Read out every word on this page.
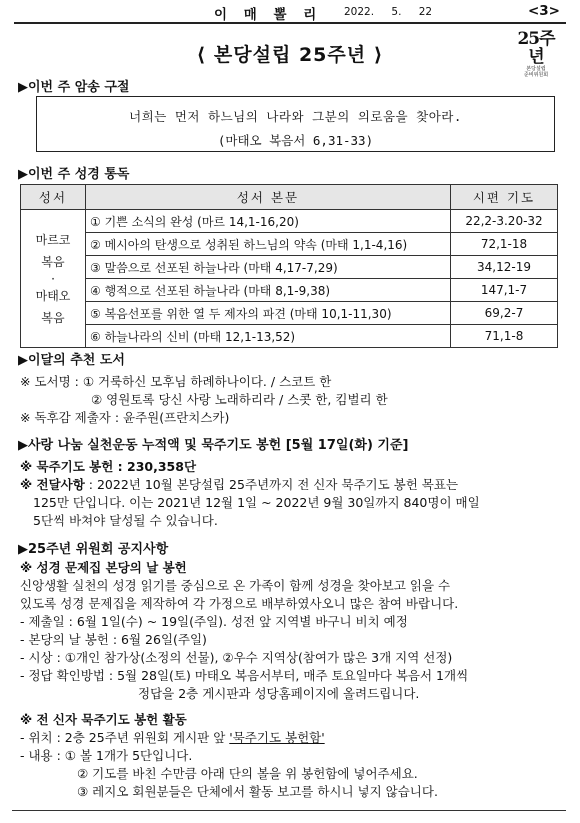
이 매 뽈 리 2022. 5. 22	<3>
⟨ 본당설립 25주년 ⟩
25주년
본당설립
준비위원회
▶이번 주 암송 구절
너희는 먼저 하느님의 나라와 그분의 의로움을 찾아라.
(마태오 복음서 6,31-33)
▶이번 주 성경 통독
성서	성서 본문	시편 기도

마르코
복음
·
마태오
복음	① 기쁜 소식의 완성 (마르 14,1-16,20)	22,2-3.20-32
	② 메시아의 탄생으로 성취된 하느님의 약속 (마태 1,1-4,16)	72,1-18
	③ 말씀으로 선포된 하늘나라 (마태 4,17-7,29)	34,12-19
	④ 행적으로 선포된 하늘나라 (마태 8,1-9,38)	147,1-7
	⑤ 복음선포를 위한 열 두 제자의 파견 (마태 10,1-11,30)	69,2-7
	⑥ 하늘나라의 신비 (마태 12,1-13,52)	71,1-8
▶이달의 추천 도서
※ 도서명 : ① 거룩하신 모후님 하례하나이다. / 스코트 한
② 영원토록 당신 사랑 노래하리라 / 스콧 한, 킴벌리 한
※ 독후감 제출자 : 윤주원(프란치스카)
▶사랑 나눔 실천운동 누적액 및 묵주기도 봉헌 [5월 17일(화) 기준]
※ 묵주기도 봉헌 : 230,358단
※ 전달사항 : 2022년 10월 본당설립 25주년까지 전 신자 묵주기도 봉헌 목표는
125만 단입니다. 이는 2021년 12월 1일 ~ 2022년 9월 30일까지 840명이 매일
5단씩 바쳐야 달성될 수 있습니다.
▶25주년 위원회 공지사항
※ 성경 문제집 본당의 날 봉헌
신앙생활 실천의 성경 읽기를 중심으로 온 가족이 함께 성경을 찾아보고 읽을 수
있도록 성경 문제집을 제작하여 각 가정으로 배부하였사오니 많은 참여 바랍니다.
- 제출일 : 6월 1일(수) ~ 19일(주일). 성전 앞 지역별 바구니 비치 예정
- 본당의 날 봉헌 : 6월 26일(주일)
- 시상 : ①개인 참가상(소정의 선물), ②우수 지역상(참여가 많은 3개 지역 선정)
- 정답 확인방법 : 5월 28일(토) 마태오 복음서부터, 매주 토요일마다 복음서 1개씩
정답을 2층 게시판과 성당홈페이지에 올려드립니다.
※ 전 신자 묵주기도 봉헌 활동
- 위치 : 2층 25주년 위원회 게시판 앞 '묵주기도 봉헌함'
- 내용 : ① 볼 1개가 5단입니다.
② 기도를 바친 수만큼 아래 단의 볼을 위 봉헌함에 넣어주세요.
③ 레지오 회원분들은 단체에서 활동 보고를 하시니 넣지 않습니다.
